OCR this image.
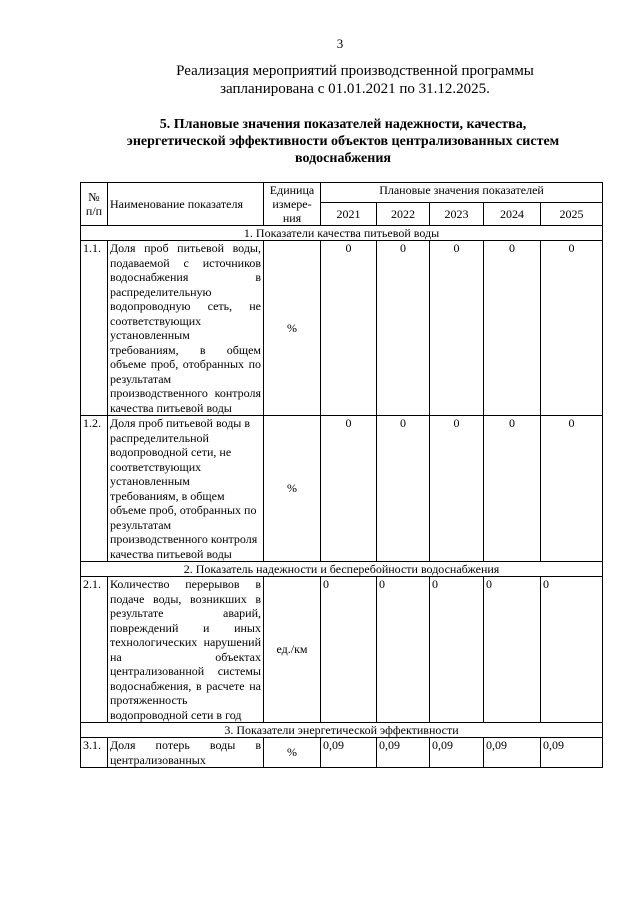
3
Реализация мероприятий производственной программы запланирована с 01.01.2021 по 31.12.2025.
5. Плановые значения показателей надежности, качества, энергетической эффективности объектов централизованных систем водоснабжения
№ п/п	Наименование показателя	Единица измере-ния	Плановые значения показателей				
			2021	2022	2023	2024	2025
1. Показатели качества питьевой воды							
1.1.	Доля проб питьевой воды, подаваемой с источников водоснабжения в распределительную водопроводную сеть, не соответствующих установленным требованиям, в общем объеме проб, отобранных по результатам производственного контроля качества питьевой воды	%	0	0	0	0	0
1.2.	Доля проб питьевой воды в распределительной водопроводной сети, не соответствующих установленным требованиям, в общем объеме проб, отобранных по результатам производственного контроля качества питьевой воды	%	0	0	0	0	0
2. Показатель надежности и бесперебойности водоснабжения							
2.1.	Количество перерывов в подаче воды, возникших в результате аварий, повреждений и иных технологических нарушений на объектах централизованной системы водоснабжения, в расчете на протяженность водопроводной сети в год	ед./км	0	0	0	0	0
3. Показатели энергетической эффективности							
3.1.	Доля потерь воды в централизованных	%	0,09	0,09	0,09	0,09	0,09
